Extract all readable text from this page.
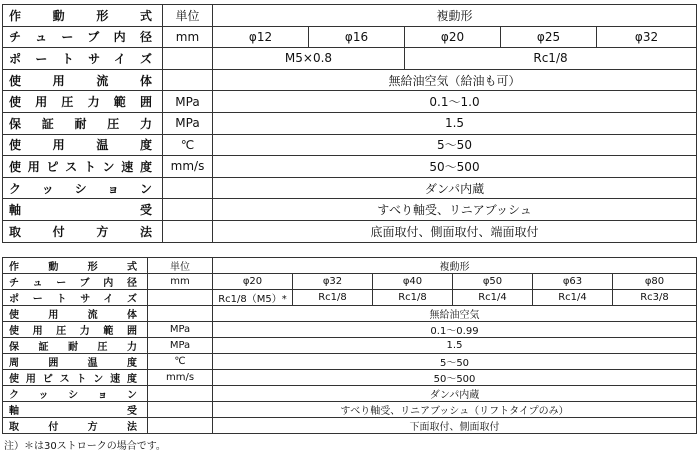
作動形式	単位	複動形				
チューブ内径	mm	φ12	φ16	φ20	φ25	φ32
ポートサイズ		M5×0.8		Rc1/8		
使用流体		無給油空気（給油も可）				
使用圧力範囲	MPa	0.1～1.0				
保証耐圧力	MPa	1.5				
使用温度	℃	5～50				
使用ピストン速度	mm/s	50～500				
クッション		ダンパ内蔵				
軸受		すべり軸受、リニアブッシュ				
取付方法		底面取付、側面取付、端面取付				
作動形式	単位	複動形					
チューブ内径	mm	φ20	φ32	φ40	φ50	φ63	φ80
ポートサイズ		Rc1/8（M5）*	Rc1/8	Rc1/8	Rc1/4	Rc1/4	Rc3/8
使用流体		無給油空気					
使用圧力範囲	MPa	0.1～0.99					
保証耐圧力	MPa	1.5					
周囲温度	℃	5～50					
使用ピストン速度	mm/s	50～500					
クッション		ダンパ内蔵					
軸受		すべり軸受、リニアブッシュ（リフトタイプのみ）					
取付方法		下面取付、側面取付					
注）＊は30ストロークの場合です。
